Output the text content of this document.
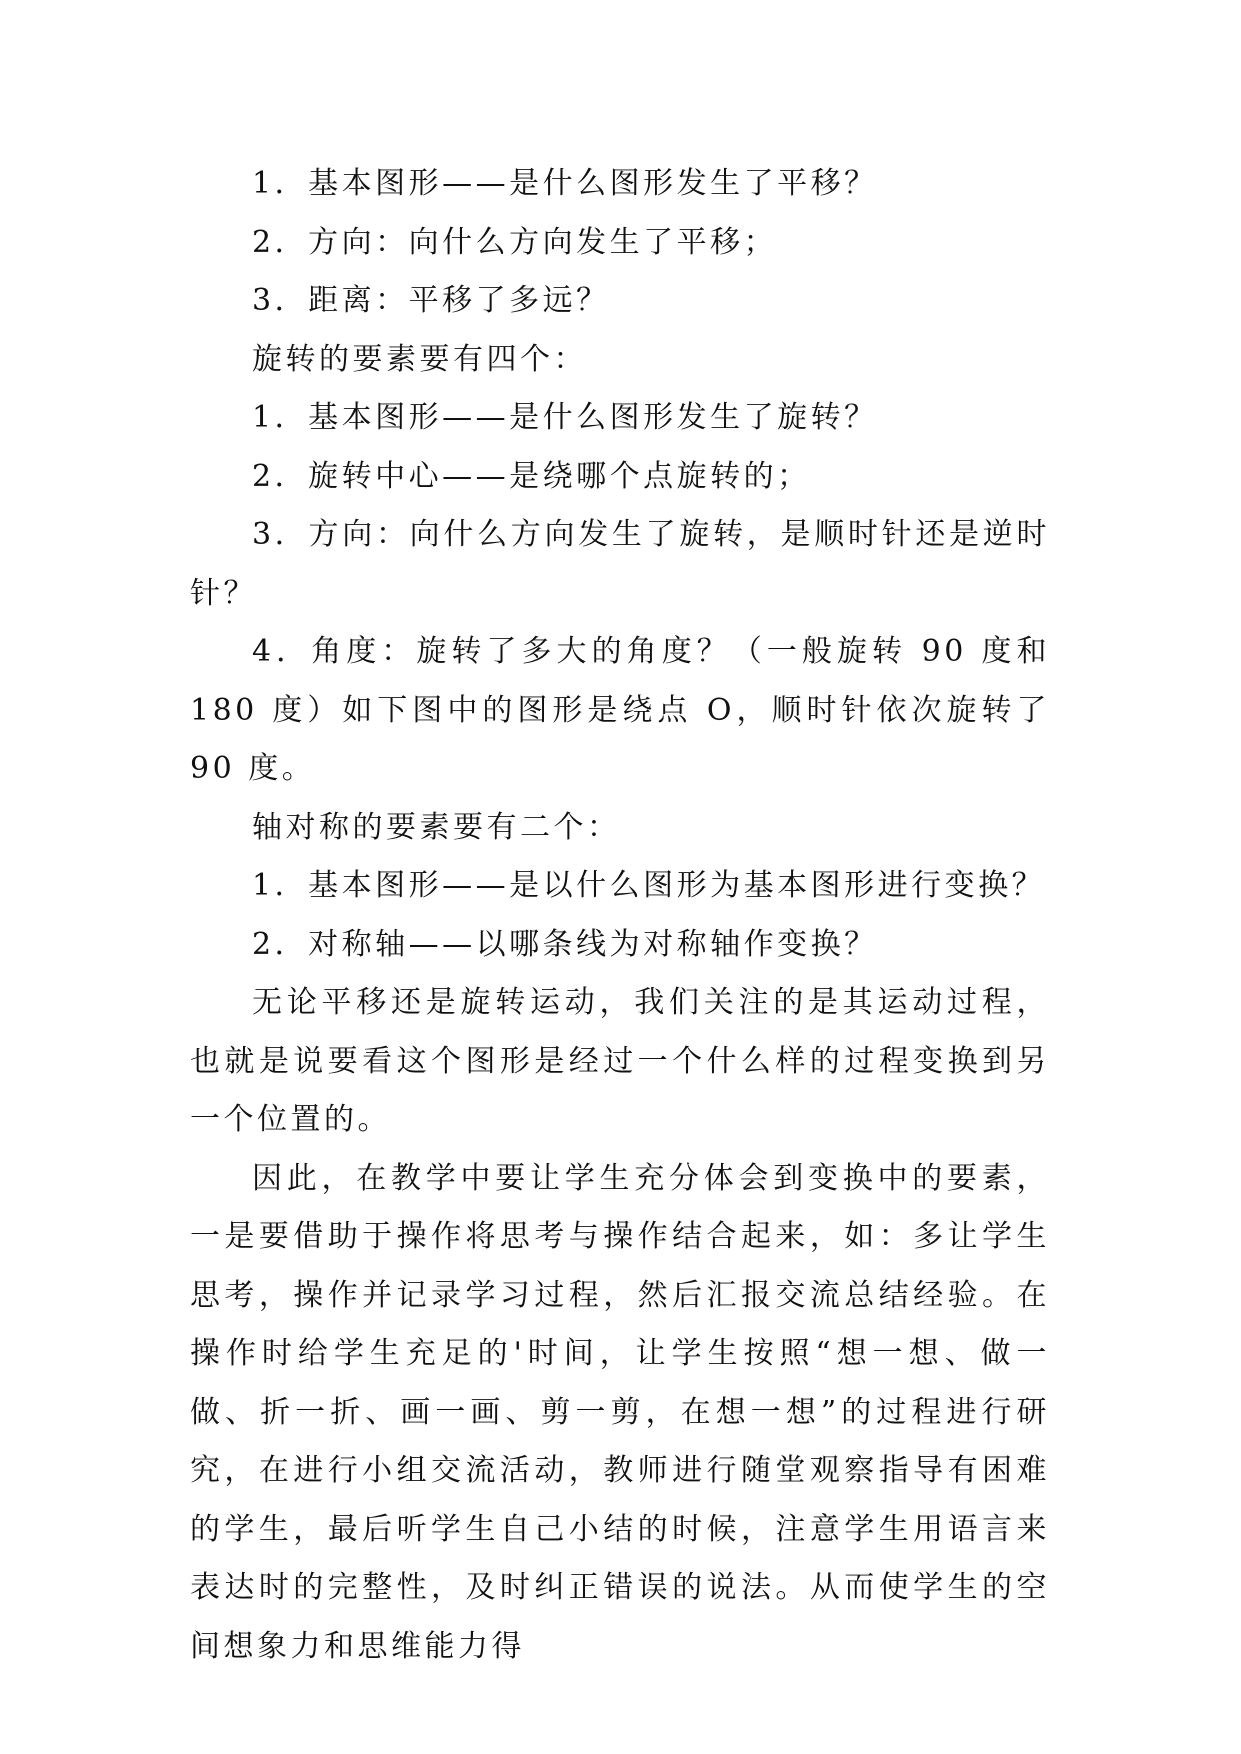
1．基本图形——是什么图形发生了平移？

2．方向：向什么方向发生了平移；

3．距离：平移了多远？

旋转的要素要有四个：

1．基本图形——是什么图形发生了旋转？

2．旋转中心——是绕哪个点旋转的；

3．方向：向什么方向发生了旋转，是顺时针还是逆时针？

4．角度：旋转了多大的角度？（一般旋转 90 度和 180 度）如下图中的图形是绕点 O，顺时针依次旋转了 90 度。

轴对称的要素要有二个：

1．基本图形——是以什么图形为基本图形进行变换？

2．对称轴——以哪条线为对称轴作变换？

无论平移还是旋转运动，我们关注的是其运动过程，也就是说要看这个图形是经过一个什么样的过程变换到另一个位置的。

因此，在教学中要让学生充分体会到变换中的要素，一是要借助于操作将思考与操作结合起来，如：多让学生思考，操作并记录学习过程，然后汇报交流总结经验。在操作时给学生充足的'时间，让学生按照“想一想、做一做、折一折、画一画、剪一剪，在想一想”的过程进行研究，在进行小组交流活动，教师进行随堂观察指导有困难的学生，最后听学生自己小结的时候，注意学生用语言来表达时的完整性，及时纠正错误的说法。从而使学生的空间想象力和思维能力得
